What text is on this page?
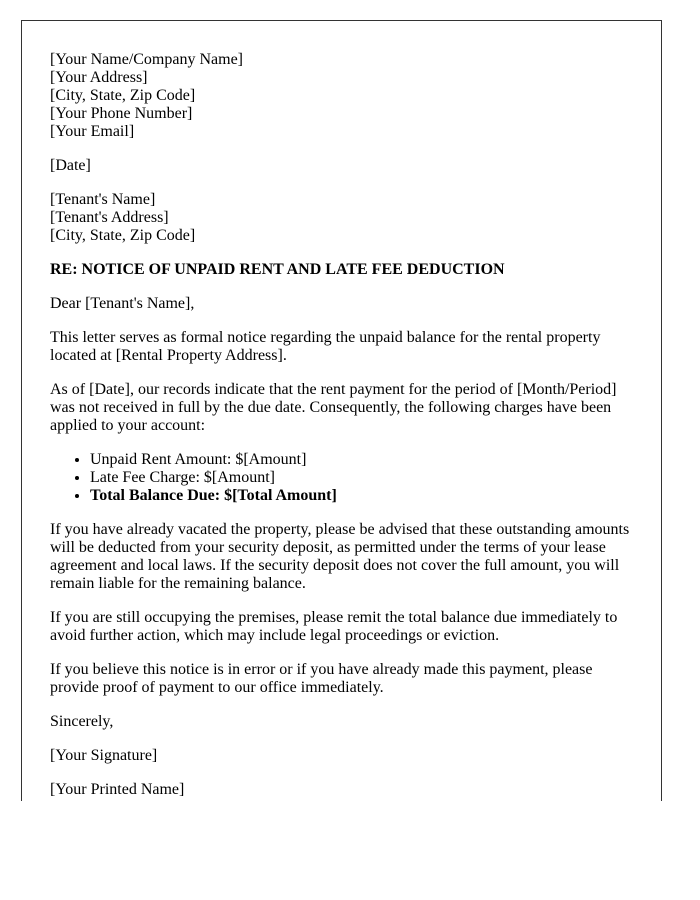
[Your Name/Company Name]
[Your Address]
[City, State, Zip Code]
[Your Phone Number]
[Your Email]

[Date]

[Tenant's Name]
[Tenant's Address]
[City, State, Zip Code]

RE: NOTICE OF UNPAID RENT AND LATE FEE DEDUCTION

Dear [Tenant's Name],

This letter serves as formal notice regarding the unpaid balance for the rental property located at [Rental Property Address].

As of [Date], our records indicate that the rent payment for the period of [Month/Period] was not received in full by the due date. Consequently, the following charges have been applied to your account:

• Unpaid Rent Amount: $[Amount]
• Late Fee Charge: $[Amount]
• Total Balance Due: $[Total Amount]

If you have already vacated the property, please be advised that these outstanding amounts will be deducted from your security deposit, as permitted under the terms of your lease agreement and local laws. If the security deposit does not cover the full amount, you will remain liable for the remaining balance.

If you are still occupying the premises, please remit the total balance due immediately to avoid further action, which may include legal proceedings or eviction.

If you believe this notice is in error or if you have already made this payment, please provide proof of payment to our office immediately.

Sincerely,

[Your Signature]

[Your Printed Name]
